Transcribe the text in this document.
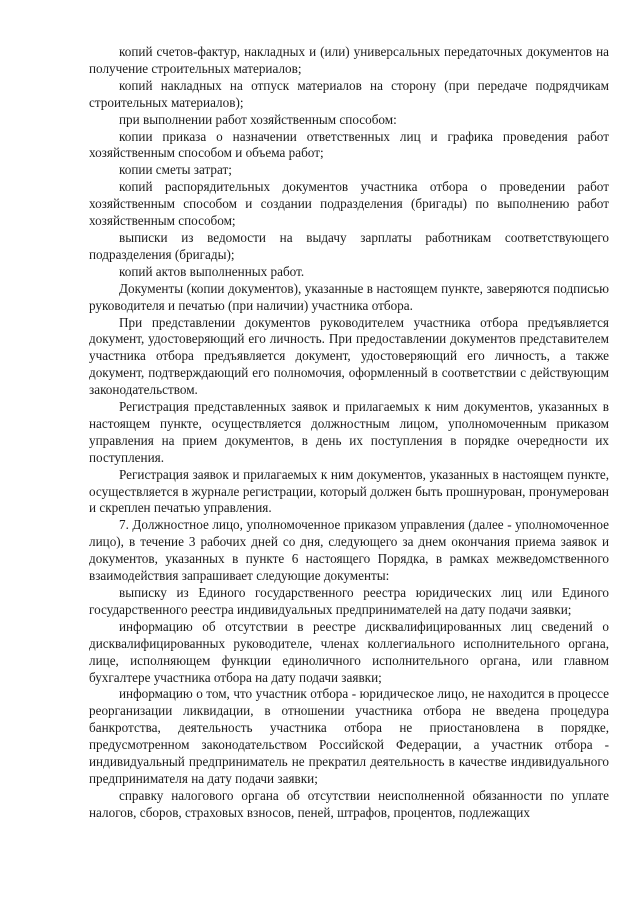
копий счетов-фактур, накладных и (или) универсальных передаточных документов на получение строительных материалов;

копий накладных на отпуск материалов на сторону (при передаче подрядчикам строительных материалов);

при выполнении работ хозяйственным способом:

копии приказа о назначении ответственных лиц и графика проведения работ хозяйственным способом и объема работ;

копии сметы затрат;

копий распорядительных документов участника отбора о проведении работ хозяйственным способом и создании подразделения (бригады) по выполнению работ хозяйственным способом;

выписки из ведомости на выдачу зарплаты работникам соответствующего подразделения (бригады);

копий актов выполненных работ.

Документы (копии документов), указанные в настоящем пункте, заверяются подписью руководителя и печатью (при наличии) участника отбора.

При представлении документов руководителем участника отбора предъявляется документ, удостоверяющий его личность. При предоставлении документов представителем участника отбора предъявляется документ, удостоверяющий его личность, а также документ, подтверждающий его полномочия, оформленный в соответствии с действующим законодательством.

Регистрация представленных заявок и прилагаемых к ним документов, указанных в настоящем пункте, осуществляется должностным лицом, уполномоченным приказом управления на прием документов, в день их поступления в порядке очередности их поступления.

Регистрация заявок и прилагаемых к ним документов, указанных в настоящем пункте, осуществляется в журнале регистрации, который должен быть прошнурован, пронумерован и скреплен печатью управления.

7. Должностное лицо, уполномоченное приказом управления (далее - уполномоченное лицо), в течение 3 рабочих дней со дня, следующего за днем окончания приема заявок и документов, указанных в пункте 6 настоящего Порядка, в рамках межведомственного взаимодействия запрашивает следующие документы:

выписку из Единого государственного реестра юридических лиц или Единого государственного реестра индивидуальных предпринимателей на дату подачи заявки;

информацию об отсутствии в реестре дисквалифицированных лиц сведений о дисквалифицированных руководителе, членах коллегиального исполнительного органа, лице, исполняющем функции единоличного исполнительного органа, или главном бухгалтере участника отбора на дату подачи заявки;

информацию о том, что участник отбора - юридическое лицо, не находится в процессе реорганизации ликвидации, в отношении участника отбора не введена процедура банкротства, деятельность участника отбора не приостановлена в порядке, предусмотренном законодательством Российской Федерации, а участник отбора - индивидуальный предприниматель не прекратил деятельность в качестве индивидуального предпринимателя на дату подачи заявки;

справку налогового органа об отсутствии неисполненной обязанности по уплате налогов, сборов, страховых взносов, пеней, штрафов, процентов, подлежащих
